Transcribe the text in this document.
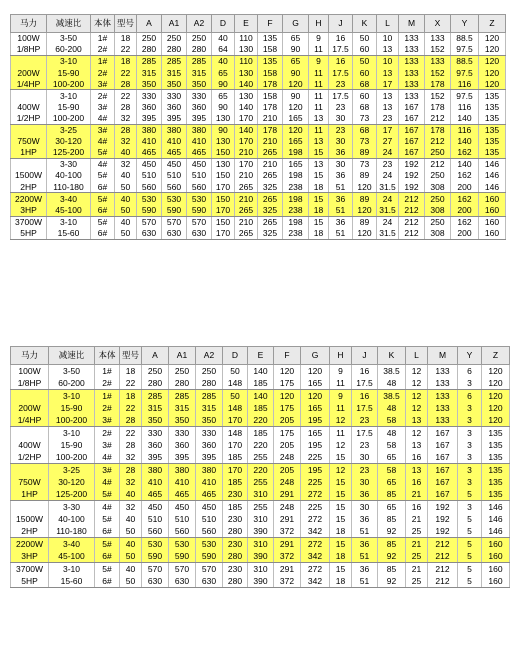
马力	减速比	本体	型号	A	A1	A2	D	E	F	G	H	J	K	L	M	X	Y	Z
100W	3-50	1#	18	250	250	250	40	110	135	65	9	16	50	10	133	133	88.5	120
1/8HP	60-200	2#	22	280	280	280	64	130	158	90	11	17.5	60	13	133	152	97.5	120
	3-10	1#	18	285	285	285	40	110	135	65	9	16	50	10	133	133	88.5	120
200W	15-90	2#	22	315	315	315	65	130	158	90	11	17.5	60	13	133	152	97.5	120
1/4HP	100-200	3#	28	350	350	350	90	140	178	120	11	23	68	17	133	178	116	120
	3-10	2#	22	330	330	330	65	130	158	90	11	17.5	60	13	133	152	97.5	135
400W	15-90	3#	28	360	360	360	90	140	178	120	11	23	68	13	167	178	116	135
1/2HP	100-200	4#	32	395	395	395	130	170	210	165	13	30	73	23	167	212	140	135
	3-25	3#	28	380	380	380	90	140	178	120	11	23	68	17	167	178	116	135
750W	30-120	4#	32	410	410	410	130	170	210	165	13	30	73	27	167	212	140	135
1HP	125-200	5#	40	465	465	465	150	210	265	198	15	36	89	24	167	250	162	135
	3-30	4#	32	450	450	450	130	170	210	165	13	30	73	23	192	212	140	146
1500W	40-100	5#	40	510	510	510	150	210	265	198	15	36	89	24	192	250	162	146
2HP	110-180	6#	50	560	560	560	170	265	325	238	18	51	120	31.5	192	308	200	146
2200W	3-40	5#	40	530	530	530	150	210	265	198	15	36	89	24	212	250	162	160
3HP	45-100	6#	50	590	590	590	170	265	325	238	18	51	120	31.5	212	308	200	160
3700W	3-10	5#	40	570	570	570	150	210	265	198	15	36	89	24	212	250	162	160
5HP	15-60	6#	50	630	630	630	170	265	325	238	18	51	120	31.5	212	308	200	160
马力	减速比	本体	型号	A	A1	A2	D	E	F	G	H	J	K	L	M	Y	Z
100W	3-50	1#	18	250	250	250	50	140	120	120	9	16	38.5	12	133	6	120
1/8HP	60-200	2#	22	280	280	280	148	185	175	165	11	17.5	48	12	133	3	120
	3-10	1#	18	285	285	285	50	140	120	120	9	16	38.5	12	133	6	120
200W	15-90	2#	22	315	315	315	148	185	175	165	11	17.5	48	12	133	3	120
1/4HP	100-200	3#	28	350	350	350	170	220	205	195	12	23	58	13	133	3	120
	3-10	2#	22	330	330	330	148	185	175	165	11	17.5	48	12	167	3	135
400W	15-90	3#	28	360	360	360	170	220	205	195	12	23	58	13	167	3	135
1/2HP	100-200	4#	32	395	395	395	185	255	248	225	15	30	65	16	167	3	135
	3-25	3#	28	380	380	380	170	220	205	195	12	23	58	13	167	3	135
750W	30-120	4#	32	410	410	410	185	255	248	225	15	30	65	16	167	3	135
1HP	125-200	5#	40	465	465	465	230	310	291	272	15	36	85	21	167	5	135
	3-30	4#	32	450	450	450	185	255	248	225	15	30	65	16	192	3	146
1500W	40-100	5#	40	510	510	510	230	310	291	272	15	36	85	21	192	5	146
2HP	110-180	6#	50	560	560	560	280	390	372	342	18	51	92	25	192	5	146
2200W	3-40	5#	40	530	530	530	230	310	291	272	15	36	85	21	212	5	160
3HP	45-100	6#	50	590	590	590	280	390	372	342	18	51	92	25	212	5	160
3700W	3-10	5#	40	570	570	570	230	310	291	272	15	36	85	21	212	5	160
5HP	15-60	6#	50	630	630	630	280	390	372	342	18	51	92	25	212	5	160
